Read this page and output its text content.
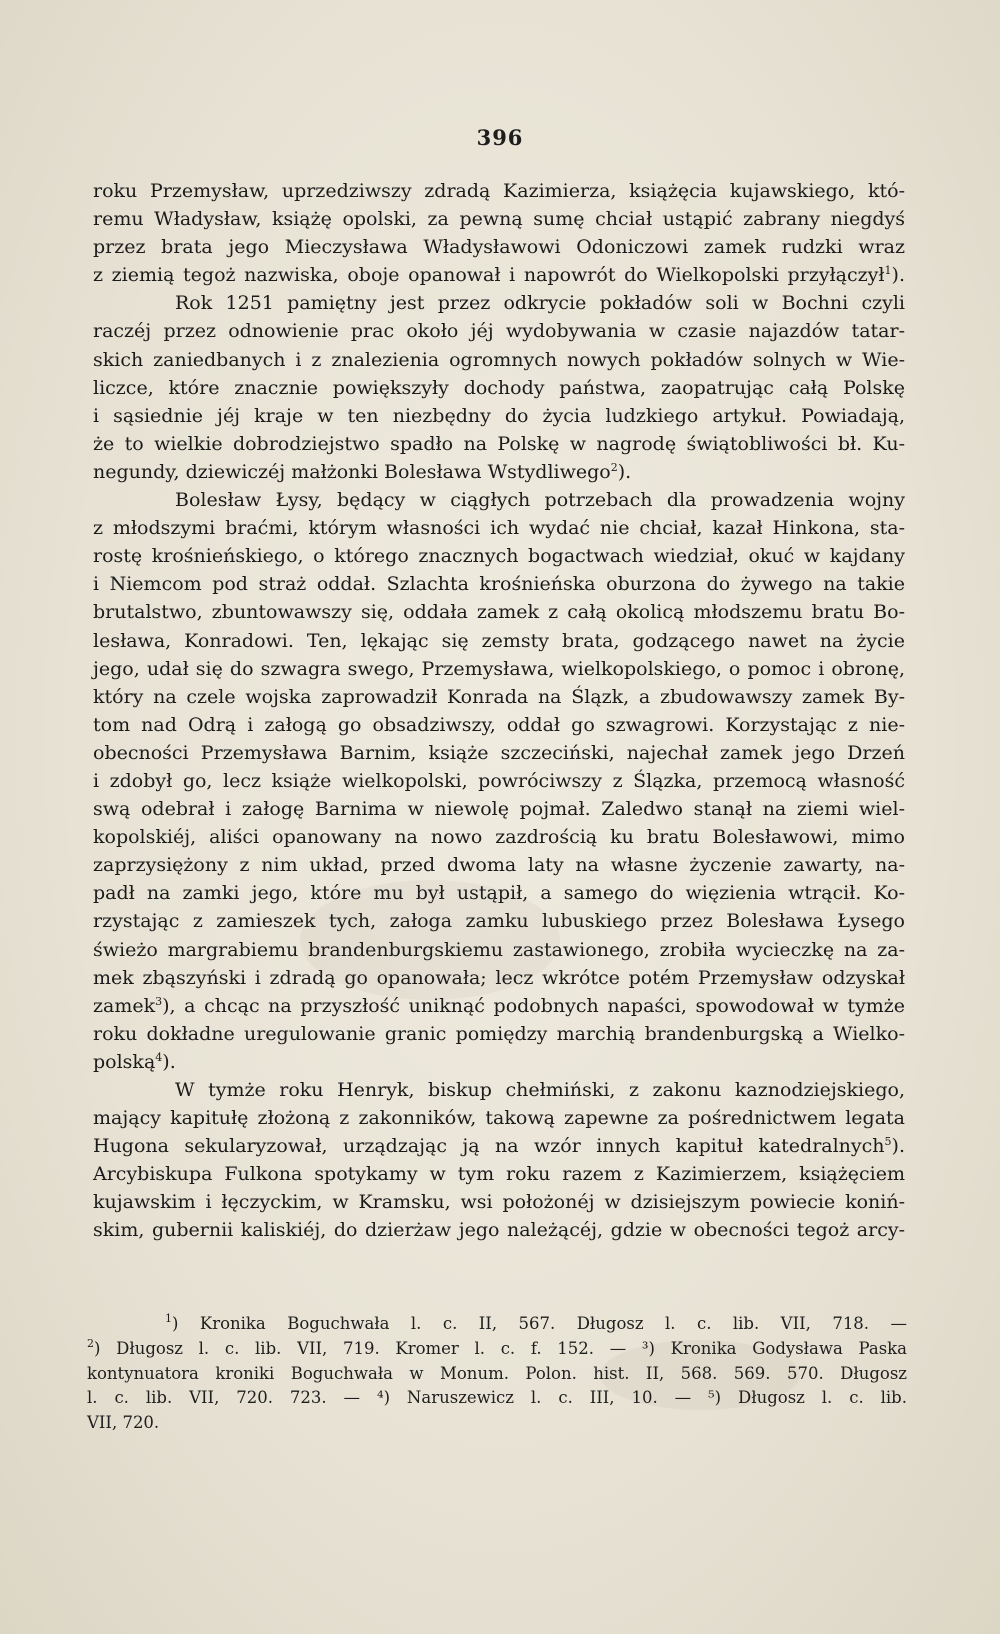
396
roku Przemysław, uprzedziwszy zdradą Kazimierza, książęcia kujawskiego, któ-
remu Władysław, książę opolski, za pewną sumę chciał ustąpić zabrany niegdyś
przez brata jego Mieczysława Władysławowi Odoniczowi zamek rudzki wraz
z ziemią tegoż nazwiska, oboje opanował i napowrót do Wielkopolski przyłączył$^1$).
Rok 1251 pamiętny jest przez odkrycie pokładów soli w Bochni czyli
raczéj przez odnowienie prac około jéj wydobywania w czasie najazdów tatar-
skich zaniedbanych i z znalezienia ogromnych nowych pokładów solnych w Wie-
liczce, które znacznie powiększyły dochody państwa, zaopatrując całą Polskę
i sąsiednie jéj kraje w ten niezbędny do życia ludzkiego artykuł. Powiadają,
że to wielkie dobrodziejstwo spadło na Polskę w nagrodę świątobliwości bł. Ku-
negundy, dziewiczéj małżonki Bolesława Wstydliwego$^2$).
Bolesław Łysy, będący w ciągłych potrzebach dla prowadzenia wojny
z młodszymi braćmi, którym własności ich wydać nie chciał, kazał Hinkona, sta-
rostę krośnieńskiego, o którego znacznych bogactwach wiedział, okuć w kajdany
i Niemcom pod straż oddał. Szlachta krośnieńska oburzona do żywego na takie
brutalstwo, zbuntowawszy się, oddała zamek z całą okolicą młodszemu bratu Bo-
lesława, Konradowi. Ten, lękając się zemsty brata, godzącego nawet na życie
jego, udał się do szwagra swego, Przemysława, wielkopolskiego, o pomoc i obronę,
który na czele wojska zaprowadził Konrada na Ślązk, a zbudowawszy zamek By-
tom nad Odrą i załogą go obsadziwszy, oddał go szwagrowi. Korzystając z nie-
obecności Przemysława Barnim, książe szczeciński, najechał zamek jego Drzeń
i zdobył go, lecz książe wielkopolski, powróciwszy z Ślązka, przemocą własność
swą odebrał i załogę Barnima w niewolę pojmał. Zaledwo stanął na ziemi wiel-
kopolskiéj, aliści opanowany na nowo zazdrością ku bratu Bolesławowi, mimo
zaprzysiężony z nim układ, przed dwoma laty na własne życzenie zawarty, na-
padł na zamki jego, które mu był ustąpił, a samego do więzienia wtrącił. Ko-
rzystając z zamieszek tych, załoga zamku lubuskiego przez Bolesława Łysego
świeżo margrabiemu brandenburgskiemu zastawionego, zrobiła wycieczkę na za-
mek zbąszyński i zdradą go opanowała; lecz wkrótce potém Przemysław odzyskał
zamek$^3$), a chcąc na przyszłość uniknąć podobnych napaści, spowodował w tymże
roku dokładne uregulowanie granic pomiędzy marchią brandenburgską a Wielko-
polską$^4$).
W tymże roku Henryk, biskup chełmiński, z zakonu kaznodziejskiego,
mający kapitułę złożoną z zakonników, takową zapewne za pośrednictwem legata
Hugona sekularyzował, urządzając ją na wzór innych kapituł katedralnych$^5$).
Arcybiskupa Fulkona spotykamy w tym roku razem z Kazimierzem, książęciem
kujawskim i łęczyckim, w Kramsku, wsi położonéj w dzisiejszym powiecie koniń-
skim, gubernii kaliskiéj, do dzierżaw jego należącéj, gdzie w obecności tegoż arcy-
$^1$) Kronika Boguchwała l. c. II, 567. Długosz l. c. lib. VII, 718. —
$^2$) Długosz l. c. lib. VII, 719. Kromer l. c. f. 152. — ³) Kronika Godysława Paska
kontynuatora kroniki Boguchwała w Monum. Polon. hist. II, 568. 569. 570. Długosz
l. c. lib. VII, 720. 723. — ⁴) Naruszewicz l. c. III, 10. — ⁵) Długosz l. c. lib.
VII, 720.
